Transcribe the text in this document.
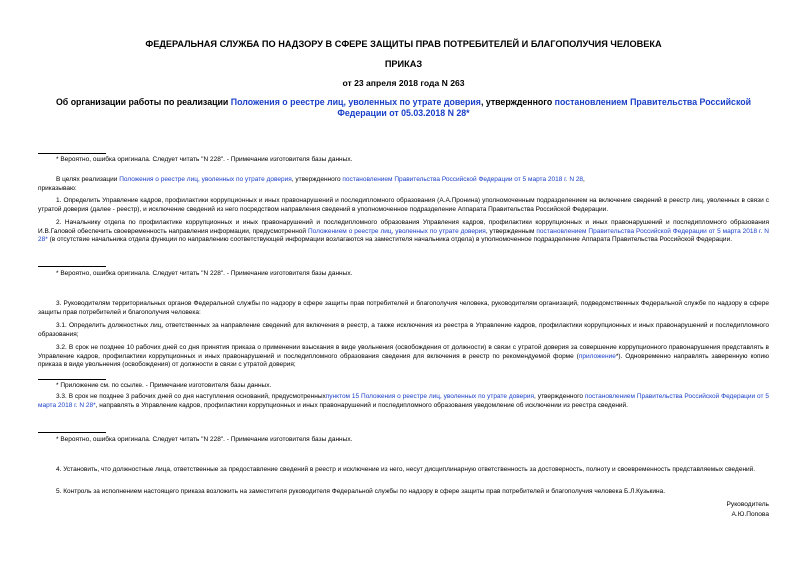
ФЕДЕРАЛЬНАЯ СЛУЖБА ПО НАДЗОРУ В СФЕРЕ ЗАЩИТЫ ПРАВ ПОТРЕБИТЕЛЕЙ И БЛАГОПОЛУЧИЯ ЧЕЛОВЕКА
ПРИКАЗ
от 23 апреля 2018 года N 263
Об организации работы по реализации Положения о реестре лиц, уволенных по утрате доверия, утвержденного постановлением Правительства Российской Федерации от 05.03.2018 N 28*
* Вероятно, ошибка оригинала. Следует читать "N 228". - Примечание изготовителя базы данных.
В целях реализации Положения о реестре лиц, уволенных по утрате доверия, утвержденного постановлением Правительства Российской Федерации от 5 марта 2018 г. N 28,
приказываю:
1. Определить Управление кадров, профилактики коррупционных и иных правонарушений и последипломного образования (А.А.Пронина) уполномоченным подразделением на включение сведений в реестр лиц, уволенных в связи с утратой доверия (далее - реестр), и исключение сведений из него посредством направления сведений в уполномоченное подразделение Аппарата Правительства Российской Федерации.
2. Начальнику отдела по профилактике коррупционных и иных правонарушений и последипломного образования Управления кадров, профилактики коррупционных и иных правонарушений и последипломного образования И.В.Галовой обеспечить своевременность направления информации, предусмотренной Положением о реестре лиц, уволенных по утрате доверия, утвержденным постановлением Правительства Российской Федерации от 5 марта 2018 г. N 28* (в отсутствие начальника отдела функции по направлению соответствующей информации возлагаются на заместителя начальника отдела) в уполномоченное подразделение Аппарата Правительства Российской Федерации.
* Вероятно, ошибка оригинала. Следует читать "N 228". - Примечание изготовителя базы данных.
3. Руководителям территориальных органов Федеральной службы по надзору в сфере защиты прав потребителей и благополучия человека, руководителям организаций, подведомственных Федеральной службе по надзору в сфере защиты прав потребителей и благополучия человека:
3.1. Определить должностных лиц, ответственных за направление сведений для включения в реестр, а также исключения из реестра в Управление кадров, профилактики коррупционных и иных правонарушений и последипломного образования;
3.2. В срок не позднее 10 рабочих дней со дня принятия приказа о применении взыскания в виде увольнения (освобождения от должности) в связи с утратой доверия за совершение коррупционного правонарушения представлять в Управление кадров, профилактики коррупционных и иных правонарушений и последипломного образования сведения для включения в реестр по рекомендуемой форме (приложение*). Одновременно направлять заверенную копию приказа в виде увольнения (освобождения) от должности в связи с утратой доверия;
* Приложение см. по ссылке. - Примечание изготовителя базы данных.
3.3. В срок не позднее 3 рабочих дней со дня наступления оснований, предусмотренныхпунктом 15 Положения о реестре лиц, уволенных по утрате доверия, утвержденного постановлением Правительства Российской Федерации от 5 марта 2018 г. N 28*, направлять в Управление кадров, профилактики коррупционных и иных правонарушений и последипломного образования уведомление об исключении из реестра сведений.
* Вероятно, ошибка оригинала. Следует читать "N 228". - Примечание изготовителя базы данных.
4. Установить, что должностные лица, ответственные за предоставление сведений в реестр и исключение из него, несут дисциплинарную ответственность за достоверность, полноту и своевременность представляемых сведений.
5. Контроль за исполнением настоящего приказа возложить на заместителя руководителя Федеральной службы по надзору в сфере защиты прав потребителей и благополучия человека Б.Л.Кузькина.
Руководитель
А.Ю.Попова
